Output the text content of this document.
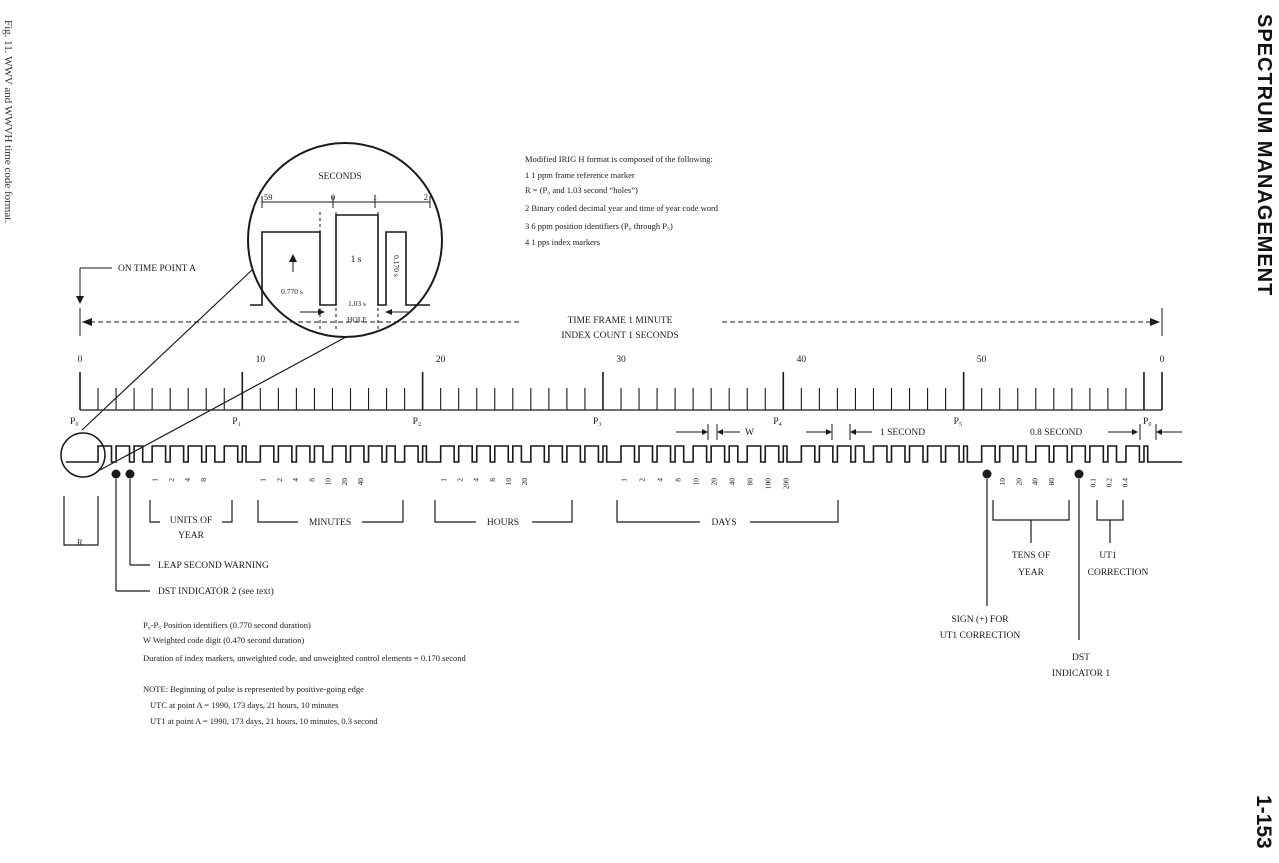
SPECTRUM MANAGEMENT
1-153
Fig. 11. WWV and WWVH time code format.	Modified IRIG H format is composed of the following:
1 1 ppm frame reference marker
R = (P₀ and 1.03 second “holes”)
2 Binary coded decimal year and time of year code word
3 6 ppm position identifiers (P₀ through P₅)
4 1 pps index markers
SECONDS
59	0	1	2
1 s
0.770 s
0.170 s
1.03 s
HOLE
ON TIME POINT A
TIME FRAME 1 MINUTE
INDEX COUNT 1 SECONDS
0	10	20	30	40	50	0
P₀	P₁	P₂	P₃	P₄	P₅	P₀
W	1 SECOND	0.8 SECOND
1 2 4 8	1 2 4 8 10 20 40	1 2 4 8 10 20	1 2 4 8 10 20 40 80 100 200	10 20 40 80	0.1 0.2 0.4
UNITS OF
YEAR
MINUTES	HOURS	DAYS
TENS OF
YEAR
UT1
CORRECTION
R
LEAP SECOND WARNING
DST INDICATOR 2 (see text)
SIGN (+) FOR
UT1 CORRECTION
DST
INDICATOR 1
P₀-P₅ Position identifiers (0.770 second duration)
W Weighted code digit (0.470 second duration)
Duration of index markers, unweighted code, and unweighted control elements = 0.170 second
NOTE: Beginning of pulse is represented by positive-going edge
UTC at point A = 1990, 173 days, 21 hours, 10 minutes
UT1 at point A = 1990, 173 days, 21 hours, 10 minutes, 0.3 second
